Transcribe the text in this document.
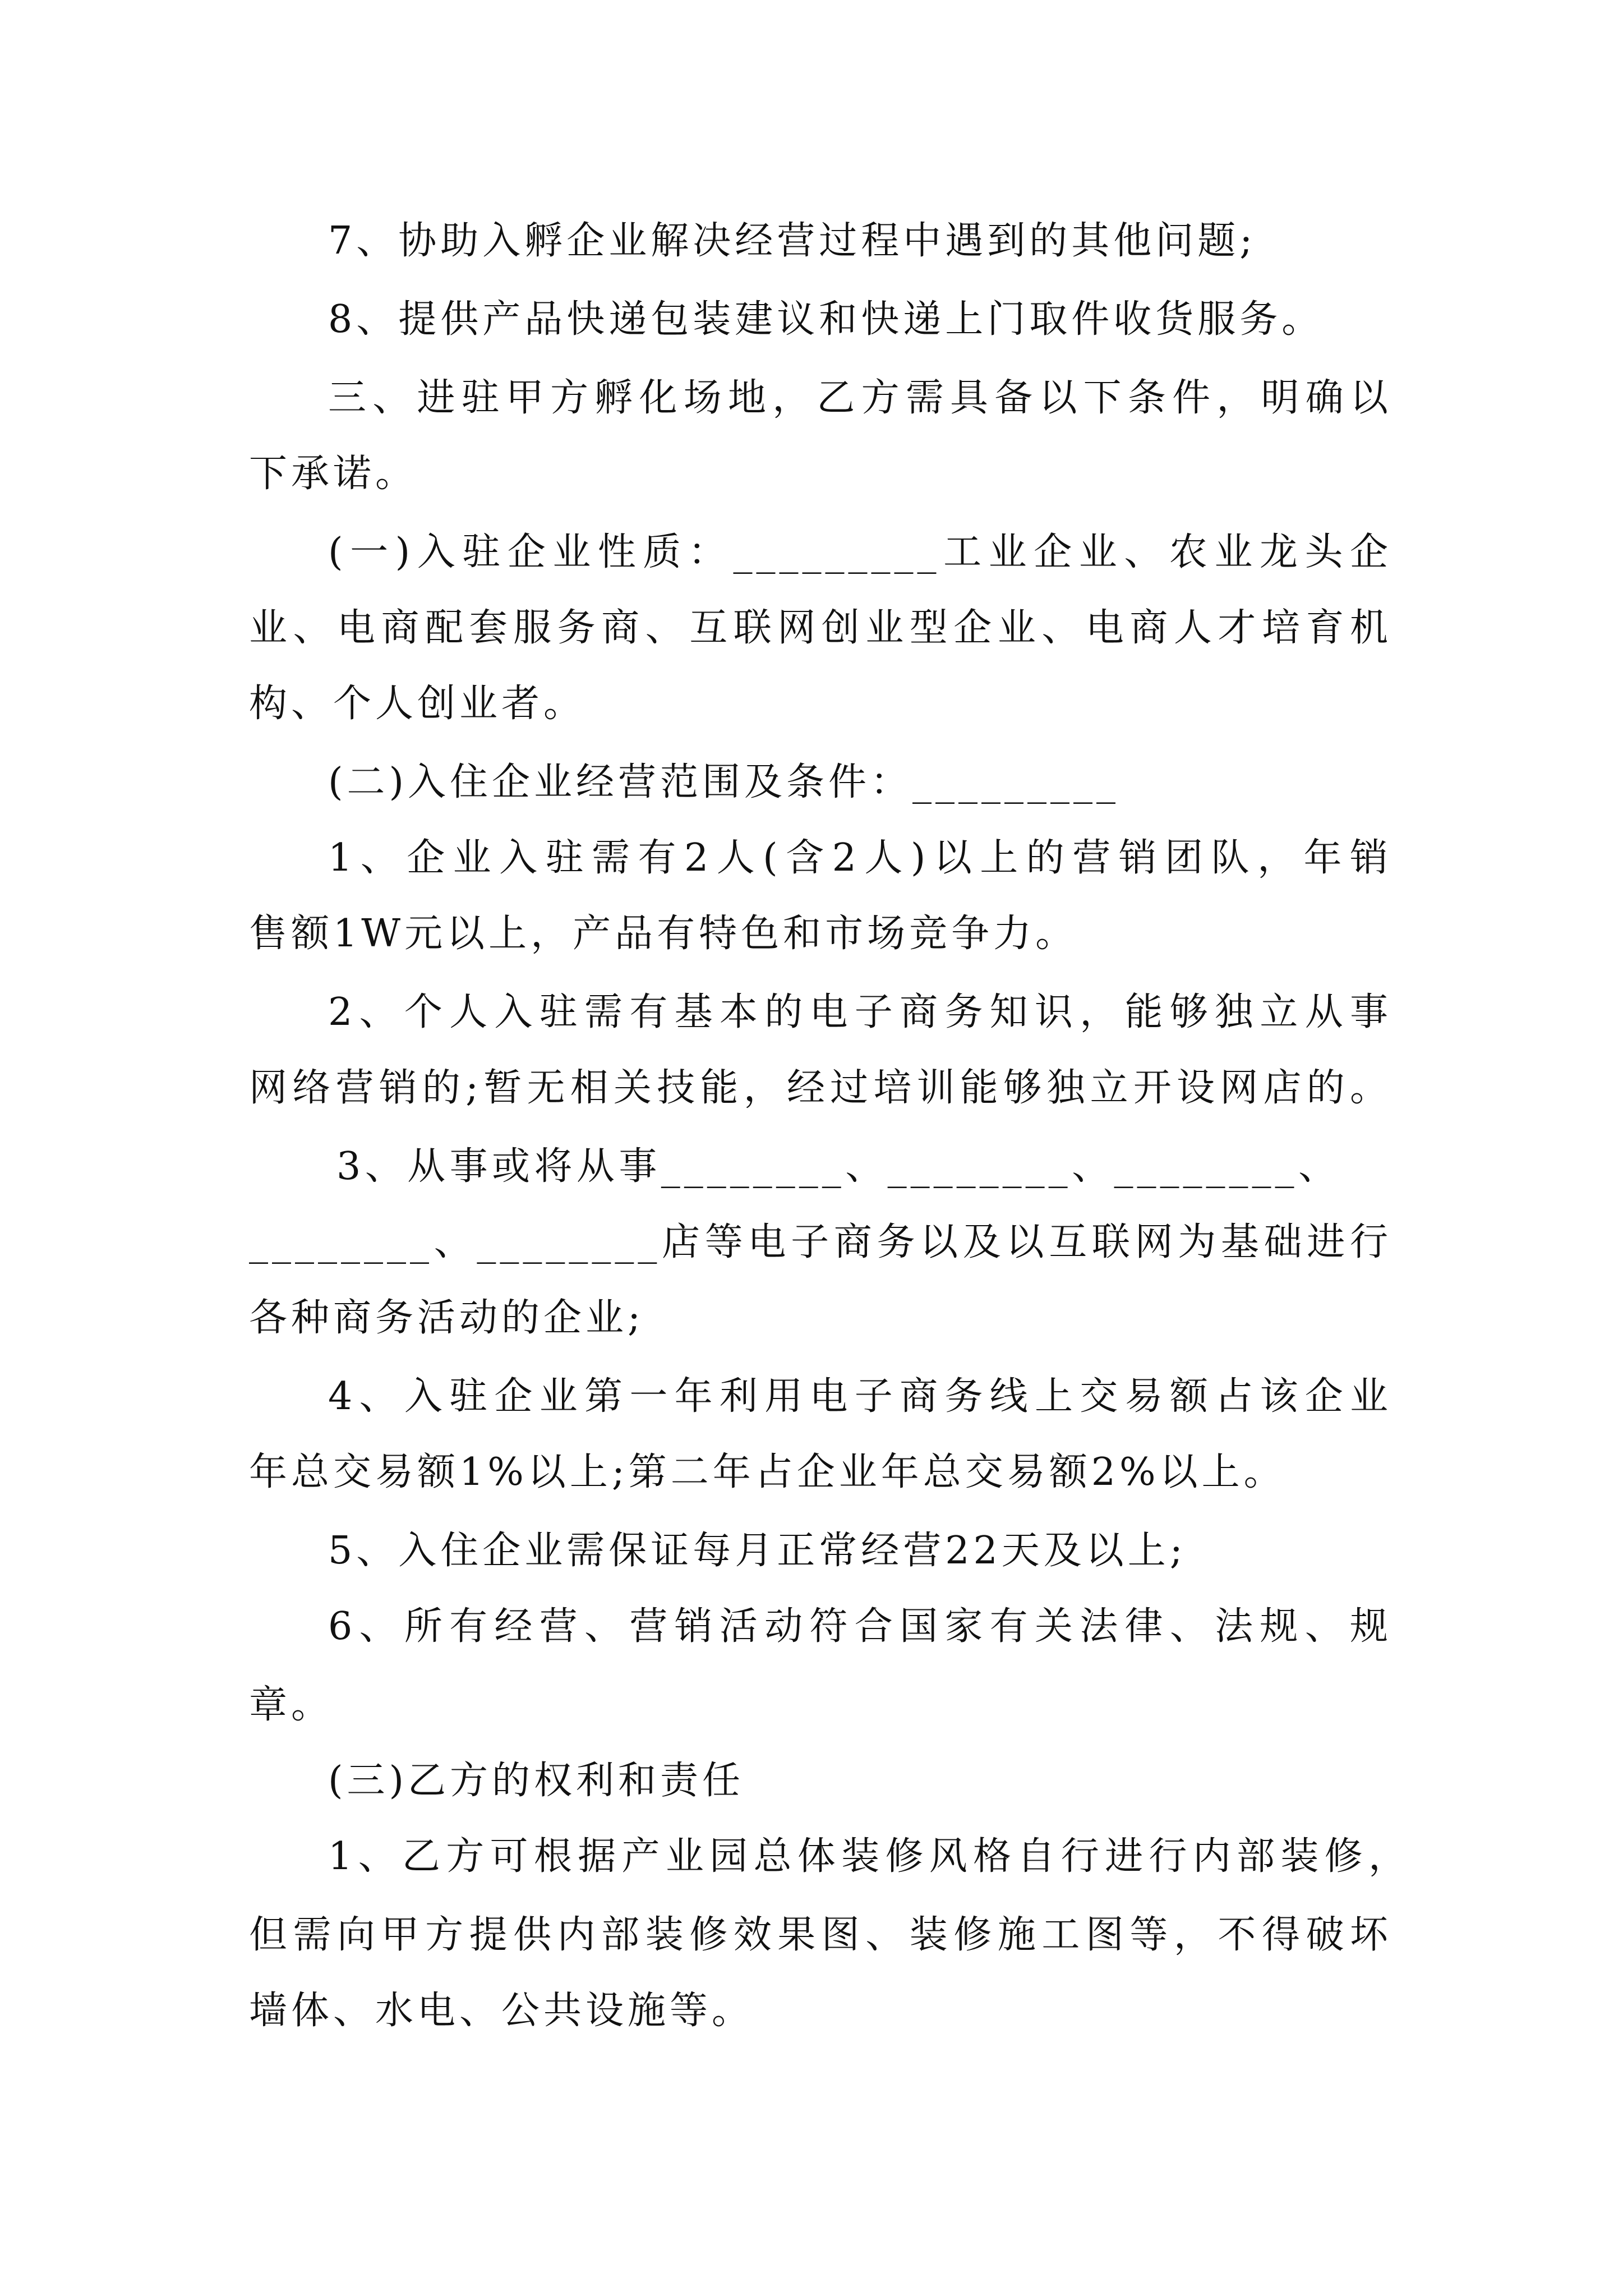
7、协助入孵企业解决经营过程中遇到的其他问题;
8、提供产品快递包装建议和快递上门取件收货服务。
三、进驻甲方孵化场地，乙方需具备以下条件，明确以
下承诺。
(一)入驻企业性质：_________工业企业、农业龙头企
业、电商配套服务商、互联网创业型企业、电商人才培育机
构、个人创业者。
(二)入住企业经营范围及条件：_________
1、企业入驻需有2人(含2人)以上的营销团队，年销
售额1W元以上，产品有特色和市场竞争力。
2、个人入驻需有基本的电子商务知识，能够独立从事
网络营销的;暂无相关技能，经过培训能够独立开设网店的。
3、从事或将从事________、________、________、
________、________店等电子商务以及以互联网为基础进行
各种商务活动的企业;
4、入驻企业第一年利用电子商务线上交易额占该企业
年总交易额1%以上;第二年占企业年总交易额2%以上。
5、入住企业需保证每月正常经营22天及以上;
6、所有经营、营销活动符合国家有关法律、法规、规
章。
(三)乙方的权利和责任
1、乙方可根据产业园总体装修风格自行进行内部装修，
但需向甲方提供内部装修效果图、装修施工图等，不得破坏
墙体、水电、公共设施等。
